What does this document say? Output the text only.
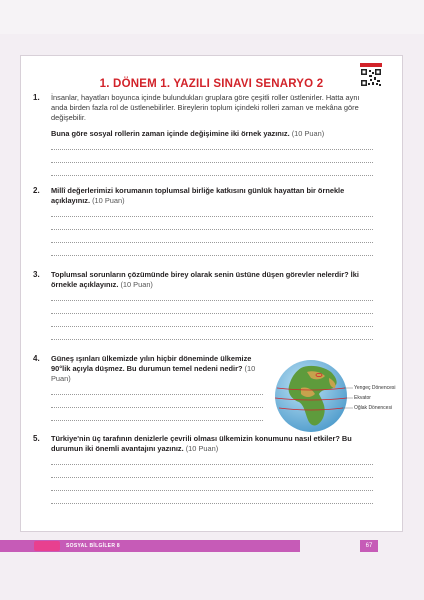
1. DÖNEM 1. YAZILI SINAVI SENARYO 2
1. İnsanlar, hayatları boyunca içinde bulundukları gruplara göre çeşitli roller üstlenirler. Hatta aynı anda birden fazla rol de üstlenebilirler. Bireylerin toplum içindeki rolleri zaman ve mekâna göre değişebilir.
Buna göre sosyal rollerin zaman içinde değişimine iki örnek yazınız. (10 Puan)
2. Millî değerlerimizi korumanın toplumsal birliğe katkısını günlük hayattan bir örnekle açıklayınız. (10 Puan)
3. Toplumsal sorunların çözümünde birey olarak senin üstüne düşen görevler nelerdir? İki örnekle açıklayınız. (10 Puan)
4. Güneş ışınları ülkemizde yılın hiçbir döneminde ülkemize 90°lik açıyla düşmez. Bu durumun temel nedeni nedir? (10 Puan)
Yengeç Dönencesi
Ekvator
Oğlak Dönencesi
5. Türkiye'nin üç tarafının denizlerle çevrili olması ülkemizin konumunu nasıl etkiler? Bu durumun iki önemli avantajını yazınız. (10 Puan)
SOSYAL BİLGİLER 8	67
